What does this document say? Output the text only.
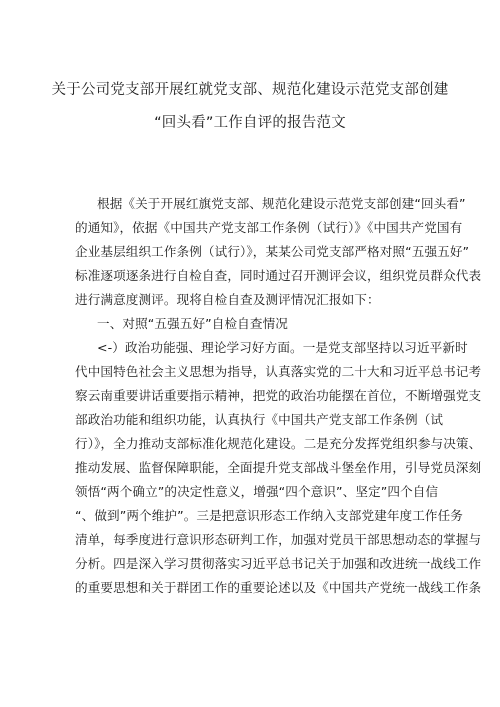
关于公司党支部开展红就党支部、规范化建设示范党支部创建
“回头看”工作自评的报告范文
根据《关于开展红旗党支部、规范化建设示范党支部创建“回头看”
的通知》，依据《中国共产党支部工作条例（试行）》《中国共产党国有
企业基层组织工作条例（试行）》，某某公司党支部严格对照“五强五好”
标准逐项逐条进行自检自查，同时通过召开测评会议，组织党员群众代表
进行满意度测评。现将自检自查及测评情况汇报如下：
一、对照“五强五好”自检自查情况
<-）政治功能强、理论学习好方面。一是党支部坚持以习近平新时
代中国特色社会主义思想为指导，认真落实党的二十大和习近平总书记考
察云南重要讲话重要指示精神，把党的政治功能摆在首位，不断增强党支
部政治功能和组织功能，认真执行《中国共产党支部工作条例（试
行）》，全力推动支部标准化规范化建设。二是充分发挥党组织参与决策、
推动发展、监督保障职能，全面提升党支部战斗堡垒作用，引导党员深刻
领悟“两个确立”的决定性意义，增强“四个意识”、坚定”四个自信
“、做到”两个维护”。三是把意识形态工作纳入支部党建年度工作任务
清单，每季度进行意识形态研判工作，加强对党员干部思想动态的掌握与
分析。四是深入学习贯彻落实习近平总书记关于加强和改进统一战线工作
的重要思想和关于群团工作的重要论述以及《中国共产党统一战线工作条
